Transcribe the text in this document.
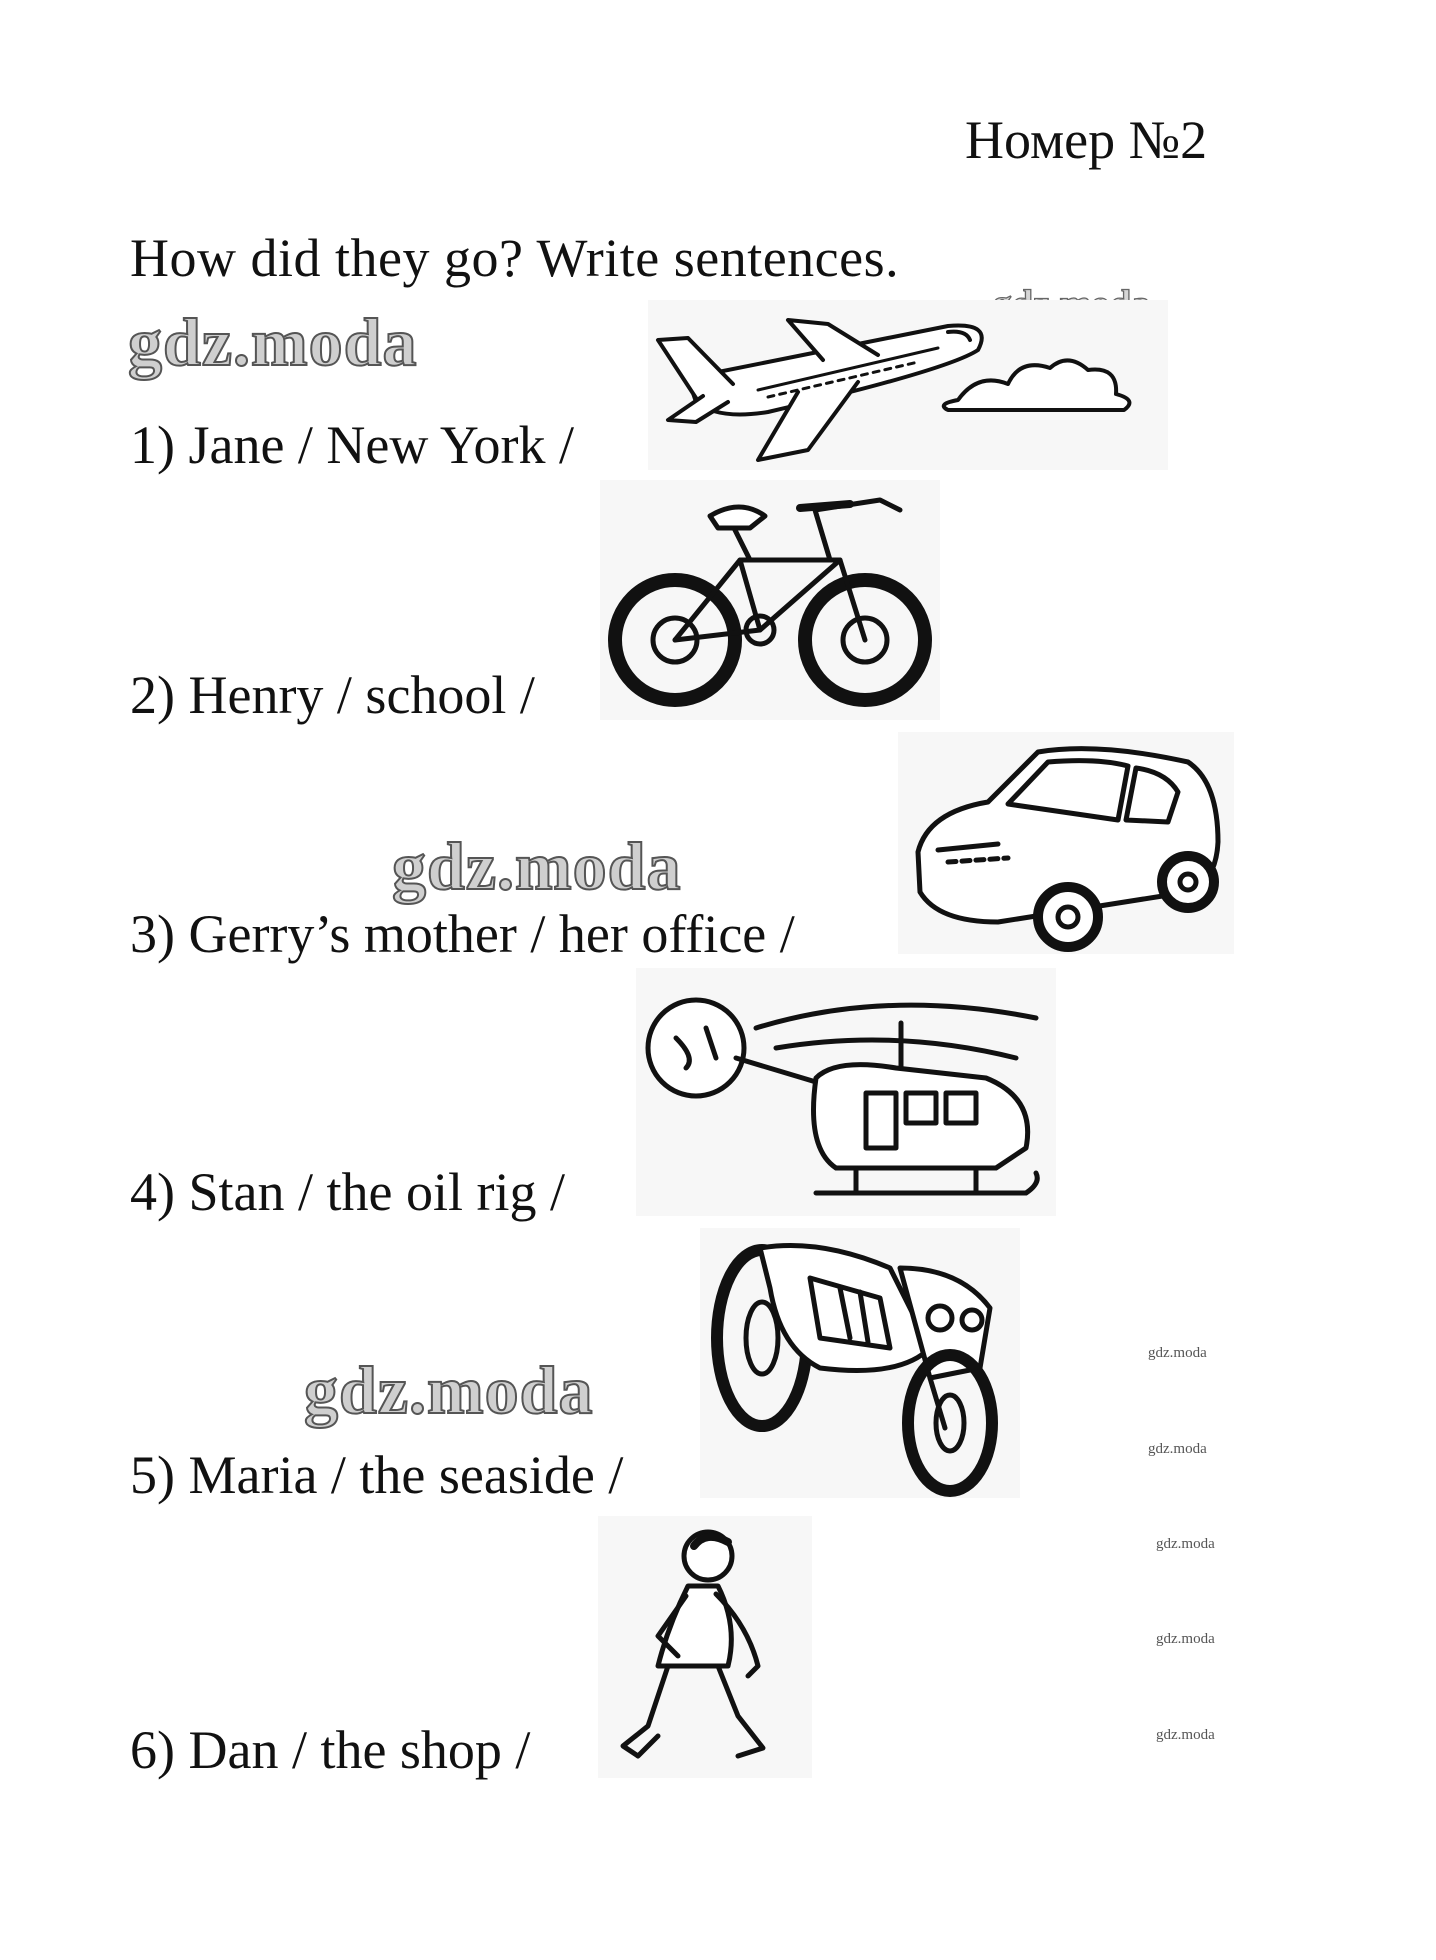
Номер №2
How did they go? Write sentences.
gdz.moda
gdz.moda
gdz.moda	gdz.moda
gdz.moda
gdz.moda
gdz.moda
gdz.moda
1) Jane / New York /
2) Henry / school /
3) Gerry’s mother / her office /
4) Stan / the oil rig /
5) Maria / the seaside /
6) Dan / the shop /
